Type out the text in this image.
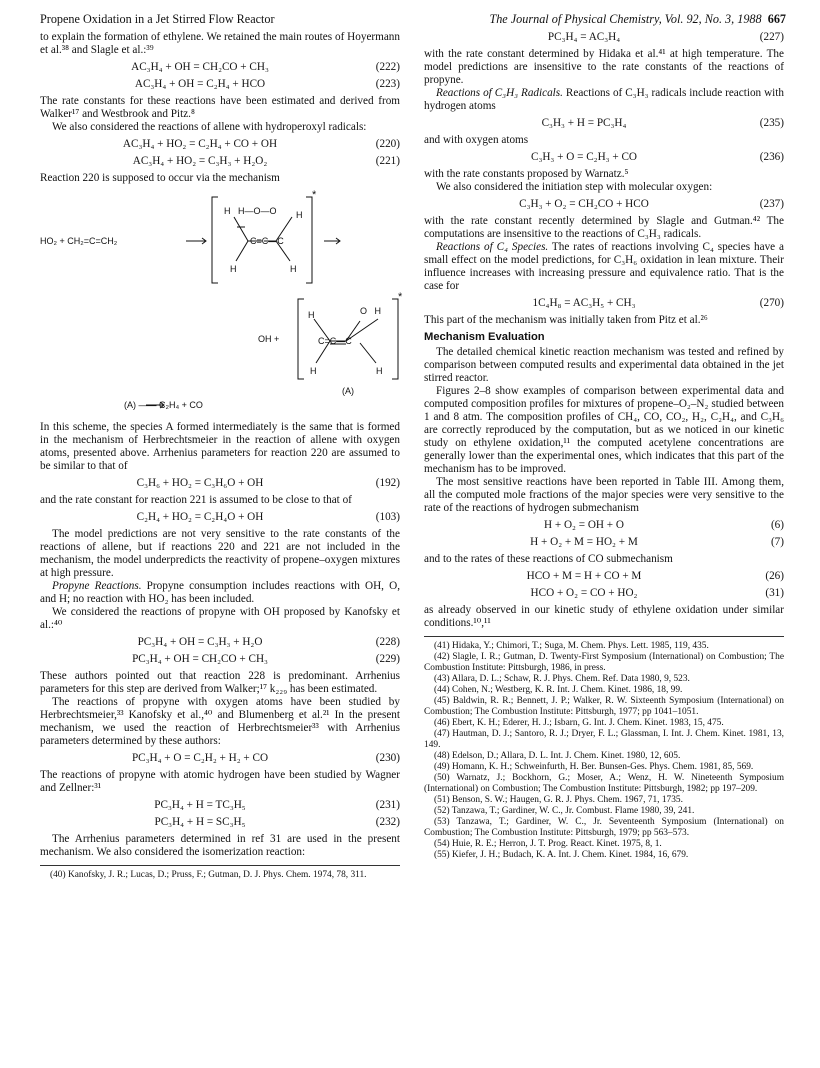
Propene Oxidation in a Jet Stirred Flow Reactor	The Journal of Physical Chemistry, Vol. 92, No. 3, 1988 667

to explain the formation of ethylene. We retained the main routes of Hoyermann et al.³⁸ and Slagle et al.:³⁹

AC₃H₄ + OH = CH₂CO + CH₃	(222)
AC₃H₄ + OH = C₂H₄ + HCO	(223)

The rate constants for these reactions have been estimated and derived from Walker¹⁷ and Westbrook and Pitz.⁸

We also considered the reactions of allene with hydroperoxyl radicals:

AC₃H₄ + HO₂ = C₂H₄ + CO + OH	(220)
AC₃H₄ + HO₂ = C₃H₃ + H₂O₂	(221)

Reaction 220 is supposed to occur via the mechanism

HO₂ + CH₂=C=CH₂
H   H—O—O H
C=C—C
H	H
*
OH +
H	O   H
C=C—C
H	H
*
(A)
(A) —— C₂H₄ + CO

In this scheme, the species A formed intermediately is the same that is formed in the mechanism of Herbrechtsmeier in the reaction of allene with oxygen atoms, presented above. Arrhenius parameters for reaction 220 are assumed to be similar to that of

C₃H₆ + HO₂ = C₃H₆O + OH	(192)

and the rate constant for reaction 221 is assumed to be close to that of

C₂H₄ + HO₂ = C₂H₄O + OH	(103)

The model predictions are not very sensitive to the rate constants of the reactions of allene, but if reactions 220 and 221 are not included in the mechanism, the model underpredicts the reactivity of propene–oxygen mixtures at high pressure.

Propyne Reactions. Propyne consumption includes reactions with OH, O, and H; no reaction with HO₂ has been included.

We considered the reactions of propyne with OH proposed by Kanofsky et al.:⁴⁰

PC₃H₄ + OH = C₃H₃ + H₂O	(228)
PC₃H₄ + OH = CH₂CO + CH₃	(229)

These authors pointed out that reaction 228 is predominant. Arrhenius parameters for this step are derived from Walker;¹⁷ k₂₂₉ has been estimated.

The reactions of propyne with oxygen atoms have been studied by Herbrechtsmeier,³³ Kanofsky et al.,⁴⁰ and Blumenberg et al.²¹ In the present mechanism, we used the reaction of Herbrechtsmeier³³ with Arrhenius parameters determined by these authors:

PC₃H₄ + O = C₂H₂ + H₂ + CO	(230)

The reactions of propyne with atomic hydrogen have been studied by Wagner and Zellner:³¹

PC₃H₄ + H = TC₃H₅	(231)
PC₃H₄ + H = SC₃H₅	(232)

The Arrhenius parameters determined in ref 31 are used in the present mechanism. We also considered the isomerization reaction:

(40) Kanofsky, J. R.; Lucas, D.; Pruss, F.; Gutman, D. J. Phys. Chem. 1974, 78, 311.

PC₃H₄ = AC₃H₄	(227)

with the rate constant determined by Hidaka et al.⁴¹ at high temperature. The model predictions are insensitive to the rate constants of the reactions of propyne.

Reactions of C₃H₃ Radicals. Reactions of C₃H₃ radicals include reaction with hydrogen atoms

C₃H₃ + H = PC₃H₄	(235)

and with oxygen atoms

C₃H₃ + O = C₂H₃ + CO	(236)

with the rate constants proposed by Warnatz.⁵

We also considered the initiation step with molecular oxygen:

C₃H₃ + O₂ = CH₂CO + HCO	(237)

with the rate constant recently determined by Slagle and Gutman.⁴² The computations are insensitive to the reactions of C₃H₃ radicals.

Reactions of C₄ Species. The rates of reactions involving C₄ species have a small effect on the model predictions, for C₃H₆ oxidation in lean mixture. Their influence increases with increasing pressure and equivalence ratio. That is the case for

1C₄H₈ = AC₃H₅ + CH₃	(270)

This part of the mechanism was initially taken from Pitz et al.²⁶

Mechanism Evaluation

The detailed chemical kinetic reaction mechanism was tested and refined by comparison between computed results and experimental data obtained in the jet stirred reactor.

Figures 2–8 show examples of comparison between experimental data and computed composition profiles for mixtures of propene–O₂–N₂ studied between 1 and 8 atm. The composition profiles of CH₄, CO, CO₂, H₂, C₂H₄, and C₃H₆ are correctly reproduced by the computation, but as we noticed in our kinetic study on ethylene oxidation,¹¹ the computed acetylene concentrations are generally lower than the experimental ones, which indicates that this part of the mechanism has to be improved.

The most sensitive reactions have been reported in Table III. Among them, all the computed mole fractions of the major species were very sensitive to the rate of the reactions of hydrogen submechanism

H + O₂ = OH + O	(6)
H + O₂ + M = HO₂ + M	(7)

and to the rates of these reactions of CO submechanism

HCO + M = H + CO + M	(26)
HCO + O₂ = CO + HO₂	(31)

as already observed in our kinetic study of ethylene oxidation under similar conditions.¹⁰,¹¹

(41) Hidaka, Y.; Chimori, T.; Suga, M. Chem. Phys. Lett. 1985, 119, 435.

(42) Slagle, I. R.; Gutman, D. Twenty-First Symposium (International) on Combustion; The Combustion Institute: Pittsburgh, 1986, in press.

(43) Allara, D. L.; Schaw, R. J. Phys. Chem. Ref. Data 1980, 9, 523.

(44) Cohen, N.; Westberg, K. R. Int. J. Chem. Kinet. 1986, 18, 99.

(45) Baldwin, R. R.; Bennett, J. P.; Walker, R. W. Sixteenth Symposium (International) on Combustion; The Combustion Institute: Pittsburgh, 1977; pp 1041–1051.

(46) Ebert, K. H.; Ederer, H. J.; Isbarn, G. Int. J. Chem. Kinet. 1983, 15, 475.

(47) Hautman, D. J.; Santoro, R. J.; Dryer, F. L.; Glassman, I. Int. J. Chem. Kinet. 1981, 13, 149.

(48) Edelson, D.; Allara, D. L. Int. J. Chem. Kinet. 1980, 12, 605.

(49) Homann, K. H.; Schweinfurth, H. Ber. Bunsen-Ges. Phys. Chem. 1981, 85, 569.

(50) Warnatz, J.; Bockhorn, G.; Moser, A.; Wenz, H. W. Nineteenth Symposium (International) on Combustion; The Combustion Institute: Pittsburgh, 1982; pp 197–209.

(51) Benson, S. W.; Haugen, G. R. J. Phys. Chem. 1967, 71, 1735.

(52) Tanzawa, T.; Gardiner, W. C., Jr. Combust. Flame 1980, 39, 241.

(53) Tanzawa, T.; Gardiner, W. C., Jr. Seventeenth Symposium (International) on Combustion; The Combustion Institute: Pittsburgh, 1979; pp 563–573.

(54) Huie, R. E.; Herron, J. T. Prog. React. Kinet. 1975, 8, 1.

(55) Kiefer, J. H.; Budach, K. A. Int. J. Chem. Kinet. 1984, 16, 679.
